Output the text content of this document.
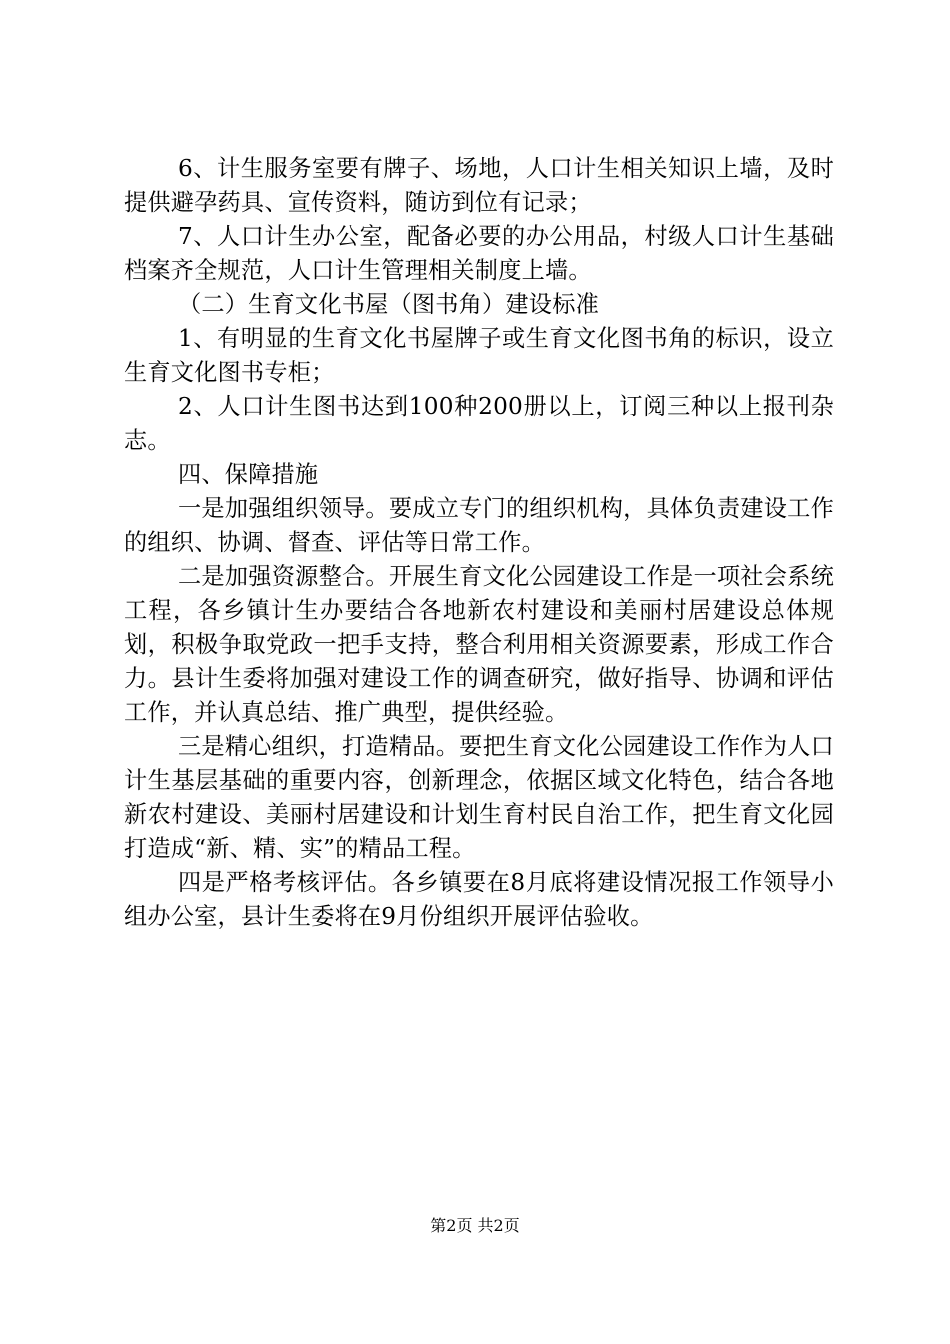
6、计生服务室要有牌子、场地，人口计生相关知识上墙，及时提供避孕药具、宣传资料，随访到位有记录；

7、人口计生办公室，配备必要的办公用品，村级人口计生基础档案齐全规范，人口计生管理相关制度上墙。

（二）生育文化书屋（图书角）建设标准

1、有明显的生育文化书屋牌子或生育文化图书角的标识，设立生育文化图书专柜；

2、人口计生图书达到100种200册以上，订阅三种以上报刊杂志。

四、保障措施

一是加强组织领导。要成立专门的组织机构，具体负责建设工作的组织、协调、督查、评估等日常工作。

二是加强资源整合。开展生育文化公园建设工作是一项社会系统工程，各乡镇计生办要结合各地新农村建设和美丽村居建设总体规划，积极争取党政一把手支持，整合利用相关资源要素，形成工作合力。县计生委将加强对建设工作的调查研究，做好指导、协调和评估工作，并认真总结、推广典型，提供经验。

三是精心组织，打造精品。要把生育文化公园建设工作作为人口计生基层基础的重要内容，创新理念，依据区域文化特色，结合各地新农村建设、美丽村居建设和计划生育村民自治工作，把生育文化园打造成“新、精、实”的精品工程。

四是严格考核评估。各乡镇要在8月底将建设情况报工作领导小组办公室，县计生委将在9月份组织开展评估验收。

第2页 共2页
